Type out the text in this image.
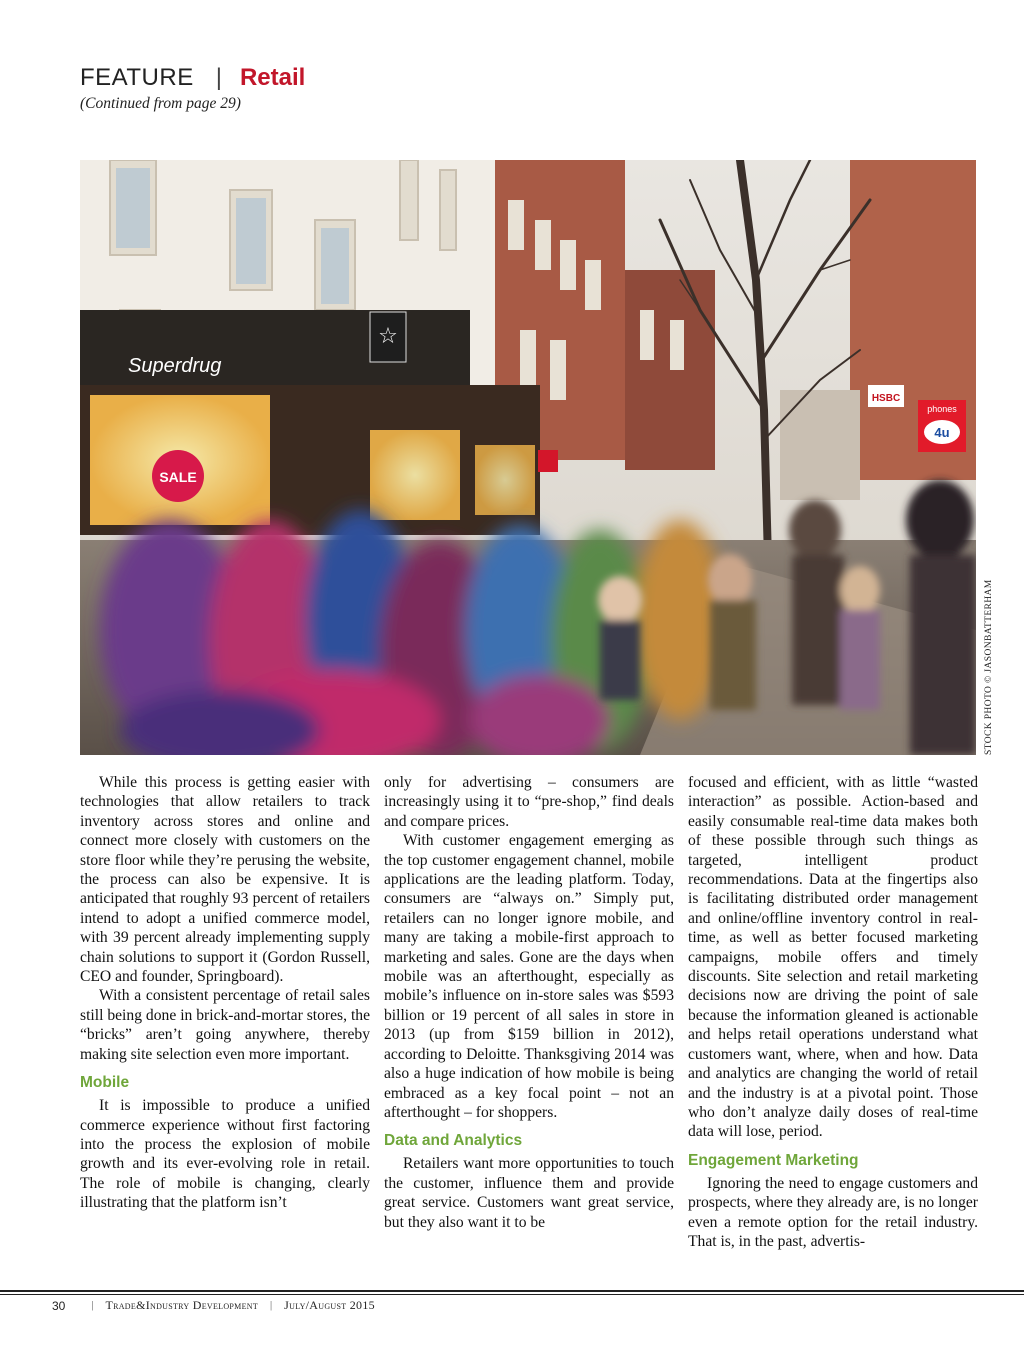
FEATURE | Retail
(Continued from page 29)
SALE
Superdrug
☆
HSBC
phones
4u
STOCK PHOTO © JASONBATTERHAM

While this process is getting easier with technologies that allow retailers to track inventory across stores and online and connect more closely with customers on the store floor while they’re perusing the website, the process can also be expensive. It is anticipated that roughly 93 percent of retailers intend to adopt a unified commerce model, with 39 percent already implementing supply chain solutions to support it (Gordon Russell, CEO and founder, Springboard).

With a consistent percentage of retail sales still being done in brick-and-mortar stores, the “bricks” aren’t going anywhere, thereby making site selection even more important.

Mobile

It is impossible to produce a unified commerce experience without first factoring into the process the explosion of mobile growth and its ever-evolving role in retail. The role of mobile is changing, clearly illustrating that the platform isn’t

only for advertising – consumers are increasingly using it to “pre-shop,” find deals and compare prices.

With customer engagement emerging as the top customer engagement channel, mobile applications are the leading platform. Today, consumers are “always on.” Simply put, retailers can no longer ignore mobile, and many are taking a mobile-first approach to marketing and sales. Gone are the days when mobile was an afterthought, especially as mobile’s influence on in-store sales was $593 billion or 19 percent of all sales in store in 2013 (up from $159 billion in 2012), according to Deloitte. Thanksgiving 2014 was also a huge indication of how mobile is being embraced as a key focal point – not an afterthought – for shoppers.

Data and Analytics

Retailers want more opportunities to touch the customer, influence them and provide great service. Customers want great service, but they also want it to be

focused and efficient, with as little “wasted interaction” as possible. Action-based and easily consumable real-time data makes both of these possible through such things as targeted, intelligent product recommendations. Data at the fingertips also is facilitating distributed order management and online/offline inventory control in real-time, as well as better focused marketing campaigns, mobile offers and timely discounts. Site selection and retail marketing decisions now are driving the point of sale because the information gleaned is actionable and helps retail operations understand what customers want, where, when and how. Data and analytics are changing the world of retail and the industry is at a pivotal point. Those who don’t analyze daily doses of real-time data will lose, period.

Engagement Marketing

Ignoring the need to engage customers and prospects, where they already are, is no longer even a remote option for the retail industry. That is, in the past, advertis-

30 | Trade&Industry Development | July/August 2015
